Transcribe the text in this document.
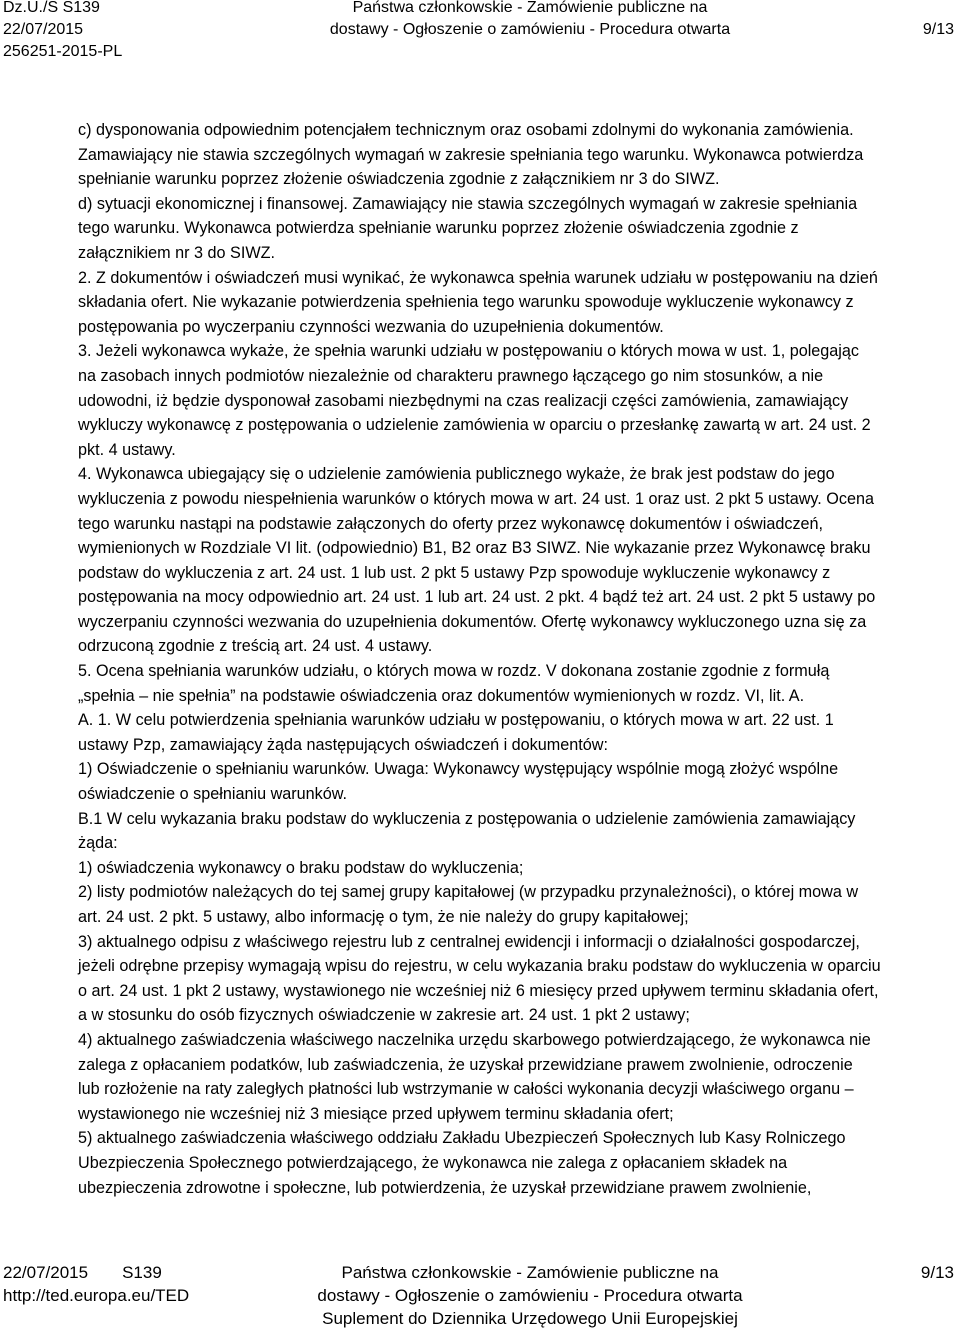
Dz.U./S S139
22/07/2015
256251-2015-PL
Państwa członkowskie - Zamówienie publiczne na
dostawy - Ogłoszenie o zamówieniu - Procedura otwarta	9/13
c) dysponowania odpowiednim potencjałem technicznym oraz osobami zdolnymi do wykonania zamówienia.
Zamawiający nie stawia szczególnych wymagań w zakresie spełniania tego warunku. Wykonawca potwierdza
spełnianie warunku poprzez złożenie oświadczenia zgodnie z załącznikiem nr 3 do SIWZ.
d) sytuacji ekonomicznej i finansowej. Zamawiający nie stawia szczególnych wymagań w zakresie spełniania
tego warunku. Wykonawca potwierdza spełnianie warunku poprzez złożenie oświadczenia zgodnie z
załącznikiem nr 3 do SIWZ.
2. Z dokumentów i oświadczeń musi wynikać, że wykonawca spełnia warunek udziału w postępowaniu na dzień
składania ofert. Nie wykazanie potwierdzenia spełnienia tego warunku spowoduje wykluczenie wykonawcy z
postępowania po wyczerpaniu czynności wezwania do uzupełnienia dokumentów.
3. Jeżeli wykonawca wykaże, że spełnia warunki udziału w postępowaniu o których mowa w ust. 1, polegając
na zasobach innych podmiotów niezależnie od charakteru prawnego łączącego go nim stosunków, a nie
udowodni, iż będzie dysponował zasobami niezbędnymi na czas realizacji części zamówienia, zamawiający
wykluczy wykonawcę z postępowania o udzielenie zamówienia w oparciu o przesłankę zawartą w art. 24 ust. 2
pkt. 4 ustawy.
4. Wykonawca ubiegający się o udzielenie zamówienia publicznego wykaże, że brak jest podstaw do jego
wykluczenia z powodu niespełnienia warunków o których mowa w art. 24 ust. 1 oraz ust. 2 pkt 5 ustawy. Ocena
tego warunku nastąpi na podstawie załączonych do oferty przez wykonawcę dokumentów i oświadczeń,
wymienionych w Rozdziale VI lit. (odpowiednio) B1, B2 oraz B3 SIWZ. Nie wykazanie przez Wykonawcę braku
podstaw do wykluczenia z art. 24 ust. 1 lub ust. 2 pkt 5 ustawy Pzp spowoduje wykluczenie wykonawcy z
postępowania na mocy odpowiednio art. 24 ust. 1 lub art. 24 ust. 2 pkt. 4 bądź też art. 24 ust. 2 pkt 5 ustawy po
wyczerpaniu czynności wezwania do uzupełnienia dokumentów. Ofertę wykonawcy wykluczonego uzna się za
odrzuconą zgodnie z treścią art. 24 ust. 4 ustawy.
5. Ocena spełniania warunków udziału, o których mowa w rozdz. V dokonana zostanie zgodnie z formułą
„spełnia – nie spełnia” na podstawie oświadczenia oraz dokumentów wymienionych w rozdz. VI, lit. A.
A. 1. W celu potwierdzenia spełniania warunków udziału w postępowaniu, o których mowa w art. 22 ust. 1
ustawy Pzp, zamawiający żąda następujących oświadczeń i dokumentów:
1) Oświadczenie o spełnianiu warunków. Uwaga: Wykonawcy występujący wspólnie mogą złożyć wspólne
oświadczenie o spełnianiu warunków.
B.1 W celu wykazania braku podstaw do wykluczenia z postępowania o udzielenie zamówienia zamawiający
żąda:
1) oświadczenia wykonawcy o braku podstaw do wykluczenia;
2) listy podmiotów należących do tej samej grupy kapitałowej (w przypadku przynależności), o której mowa w
art. 24 ust. 2 pkt. 5 ustawy, albo informację o tym, że nie należy do grupy kapitałowej;
3) aktualnego odpisu z właściwego rejestru lub z centralnej ewidencji i informacji o działalności gospodarczej,
jeżeli odrębne przepisy wymagają wpisu do rejestru, w celu wykazania braku podstaw do wykluczenia w oparciu
o art. 24 ust. 1 pkt 2 ustawy, wystawionego nie wcześniej niż 6 miesięcy przed upływem terminu składania ofert,
a w stosunku do osób fizycznych oświadczenie w zakresie art. 24 ust. 1 pkt 2 ustawy;
4) aktualnego zaświadczenia właściwego naczelnika urzędu skarbowego potwierdzającego, że wykonawca nie
zalega z opłacaniem podatków, lub zaświadczenia, że uzyskał przewidziane prawem zwolnienie, odroczenie
lub rozłożenie na raty zaległych płatności lub wstrzymanie w całości wykonania decyzji właściwego organu –
wystawionego nie wcześniej niż 3 miesiące przed upływem terminu składania ofert;
5) aktualnego zaświadczenia właściwego oddziału Zakładu Ubezpieczeń Społecznych lub Kasy Rolniczego
Ubezpieczenia Społecznego potwierdzającego, że wykonawca nie zalega z opłacaniem składek na
ubezpieczenia zdrowotne i społeczne, lub potwierdzenia, że uzyskał przewidziane prawem zwolnienie,
22/07/2015 S139
http://ted.europa.eu/TED
Państwa członkowskie - Zamówienie publiczne na
dostawy - Ogłoszenie o zamówieniu - Procedura otwarta
Suplement do Dziennika Urzędowego Unii Europejskiej
9/13
